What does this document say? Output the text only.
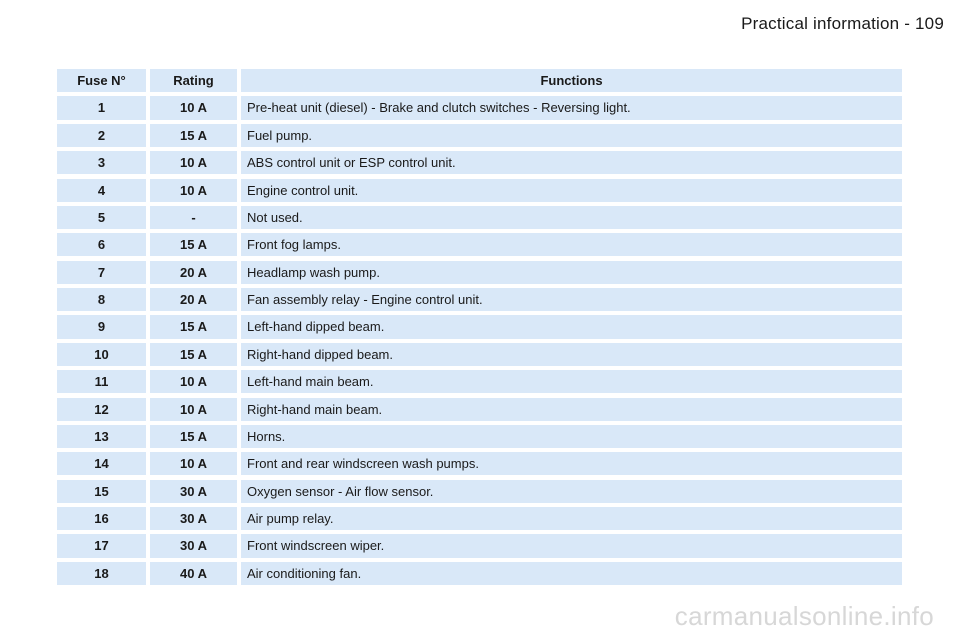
Practical information - 109
Fuse N°	Rating	Functions
1	10 A	Pre-heat unit (diesel) - Brake and clutch switches - Reversing light.
2	15 A	Fuel pump.
3	10 A	ABS control unit or ESP control unit.
4	10 A	Engine control unit.
5	-	Not used.
6	15 A	Front fog lamps.
7	20 A	Headlamp wash pump.
8	20 A	Fan assembly relay - Engine control unit.
9	15 A	Left-hand dipped beam.
10	15 A	Right-hand dipped beam.
11	10 A	Left-hand main beam.
12	10 A	Right-hand main beam.
13	15 A	Horns.
14	10 A	Front and rear windscreen wash pumps.
15	30 A	Oxygen sensor - Air flow sensor.
16	30 A	Air pump relay.
17	30 A	Front windscreen wiper.
18	40 A	Air conditioning fan.
carmanualsonline.info
